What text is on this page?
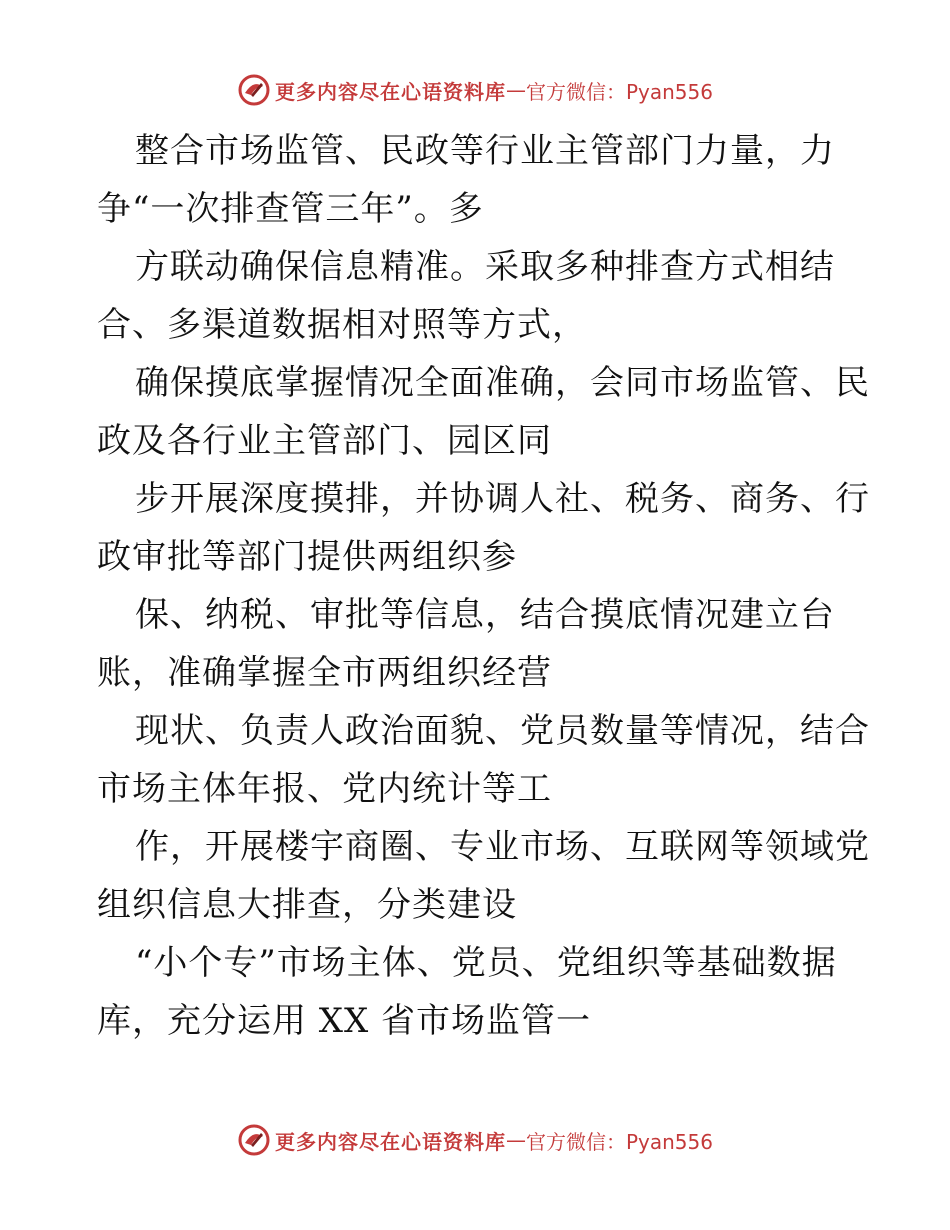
更多内容尽在心语资料库 — 官方微信：Pyan556
整合市场监管、民政等行业主管部门力量，力
争“一次排查管三年”。多
方联动确保信息精准。采取多种排查方式相结
合、多渠道数据相对照等方式，
确保摸底掌握情况全面准确，会同市场监管、民
政及各行业主管部门、园区同
步开展深度摸排，并协调人社、税务、商务、行
政审批等部门提供两组织参
保、纳税、审批等信息，结合摸底情况建立台
账，准确掌握全市两组织经营
现状、负责人政治面貌、党员数量等情况，结合
市场主体年报、党内统计等工
作，开展楼宇商圈、专业市场、互联网等领域党
组织信息大排查，分类建设
“小个专”市场主体、党员、党组织等基础数据
库，充分运用 XX 省市场监管一
更多内容尽在心语资料库 — 官方微信：Pyan556
